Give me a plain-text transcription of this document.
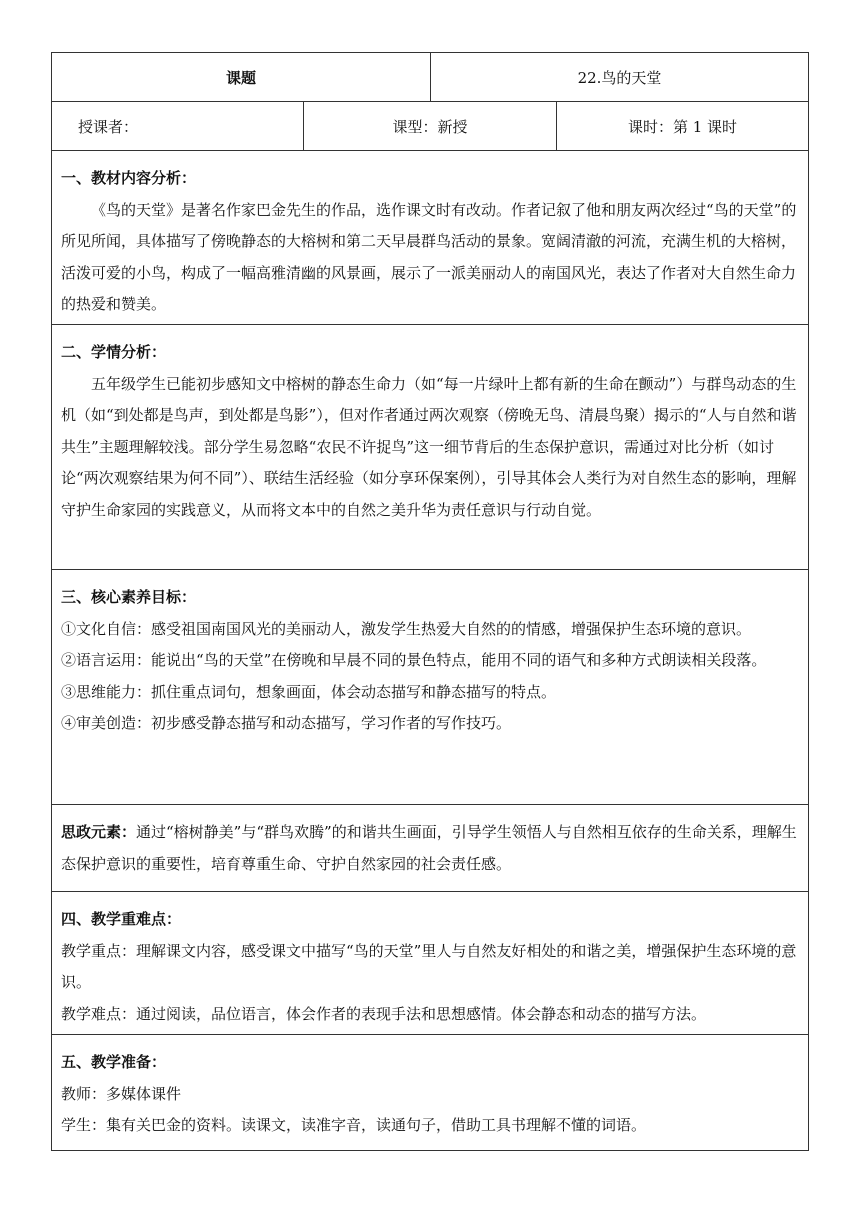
课题	22.鸟的天堂
授课者：	课型：新授	课时：第 1 课时

一、教材内容分析：

《鸟的天堂》是著名作家巴金先生的作品，选作课文时有改动。作者记叙了他和朋友两次经过“鸟的天堂”的所见所闻，具体描写了傍晚静态的大榕树和第二天早晨群鸟活动的景象。宽阔清澈的河流，充满生机的大榕树，活泼可爱的小鸟，构成了一幅高雅清幽的风景画，展示了一派美丽动人的南国风光，表达了作者对大自然生命力的热爱和赞美。

二、学情分析：

五年级学生已能初步感知文中榕树的静态生命力（如“每一片绿叶上都有新的生命在颤动”）与群鸟动态的生机（如“到处都是鸟声，到处都是鸟影”），但对作者通过两次观察（傍晚无鸟、清晨鸟聚）揭示的“人与自然和谐共生”主题理解较浅。部分学生易忽略“农民不许捉鸟”这一细节背后的生态保护意识，需通过对比分析（如讨论“两次观察结果为何不同”）、联结生活经验（如分享环保案例），引导其体会人类行为对自然生态的影响，理解守护生命家园的实践意义，从而将文本中的自然之美升华为责任意识与行动自觉。

三、核心素养目标：

①文化自信：感受祖国南国风光的美丽动人，激发学生热爱大自然的的情感，增强保护生态环境的意识。

②语言运用：能说出“鸟的天堂”在傍晚和早晨不同的景色特点，能用不同的语气和多种方式朗读相关段落。

③思维能力：抓住重点词句，想象画面，体会动态描写和静态描写的特点。

④审美创造：初步感受静态描写和动态描写，学习作者的写作技巧。

思政元素：通过“榕树静美”与“群鸟欢腾”的和谐共生画面，引导学生领悟人与自然相互依存的生命关系，理解生态保护意识的重要性，培育尊重生命、守护自然家园的社会责任感。

四、教学重难点：

教学重点：理解课文内容，感受课文中描写“鸟的天堂”里人与自然友好相处的和谐之美，增强保护生态环境的意识。

教学难点：通过阅读，品位语言，体会作者的表现手法和思想感情。体会静态和动态的描写方法。

五、教学准备：

教师：多媒体课件

学生：集有关巴金的资料。读课文，读准字音，读通句子，借助工具书理解不懂的词语。
